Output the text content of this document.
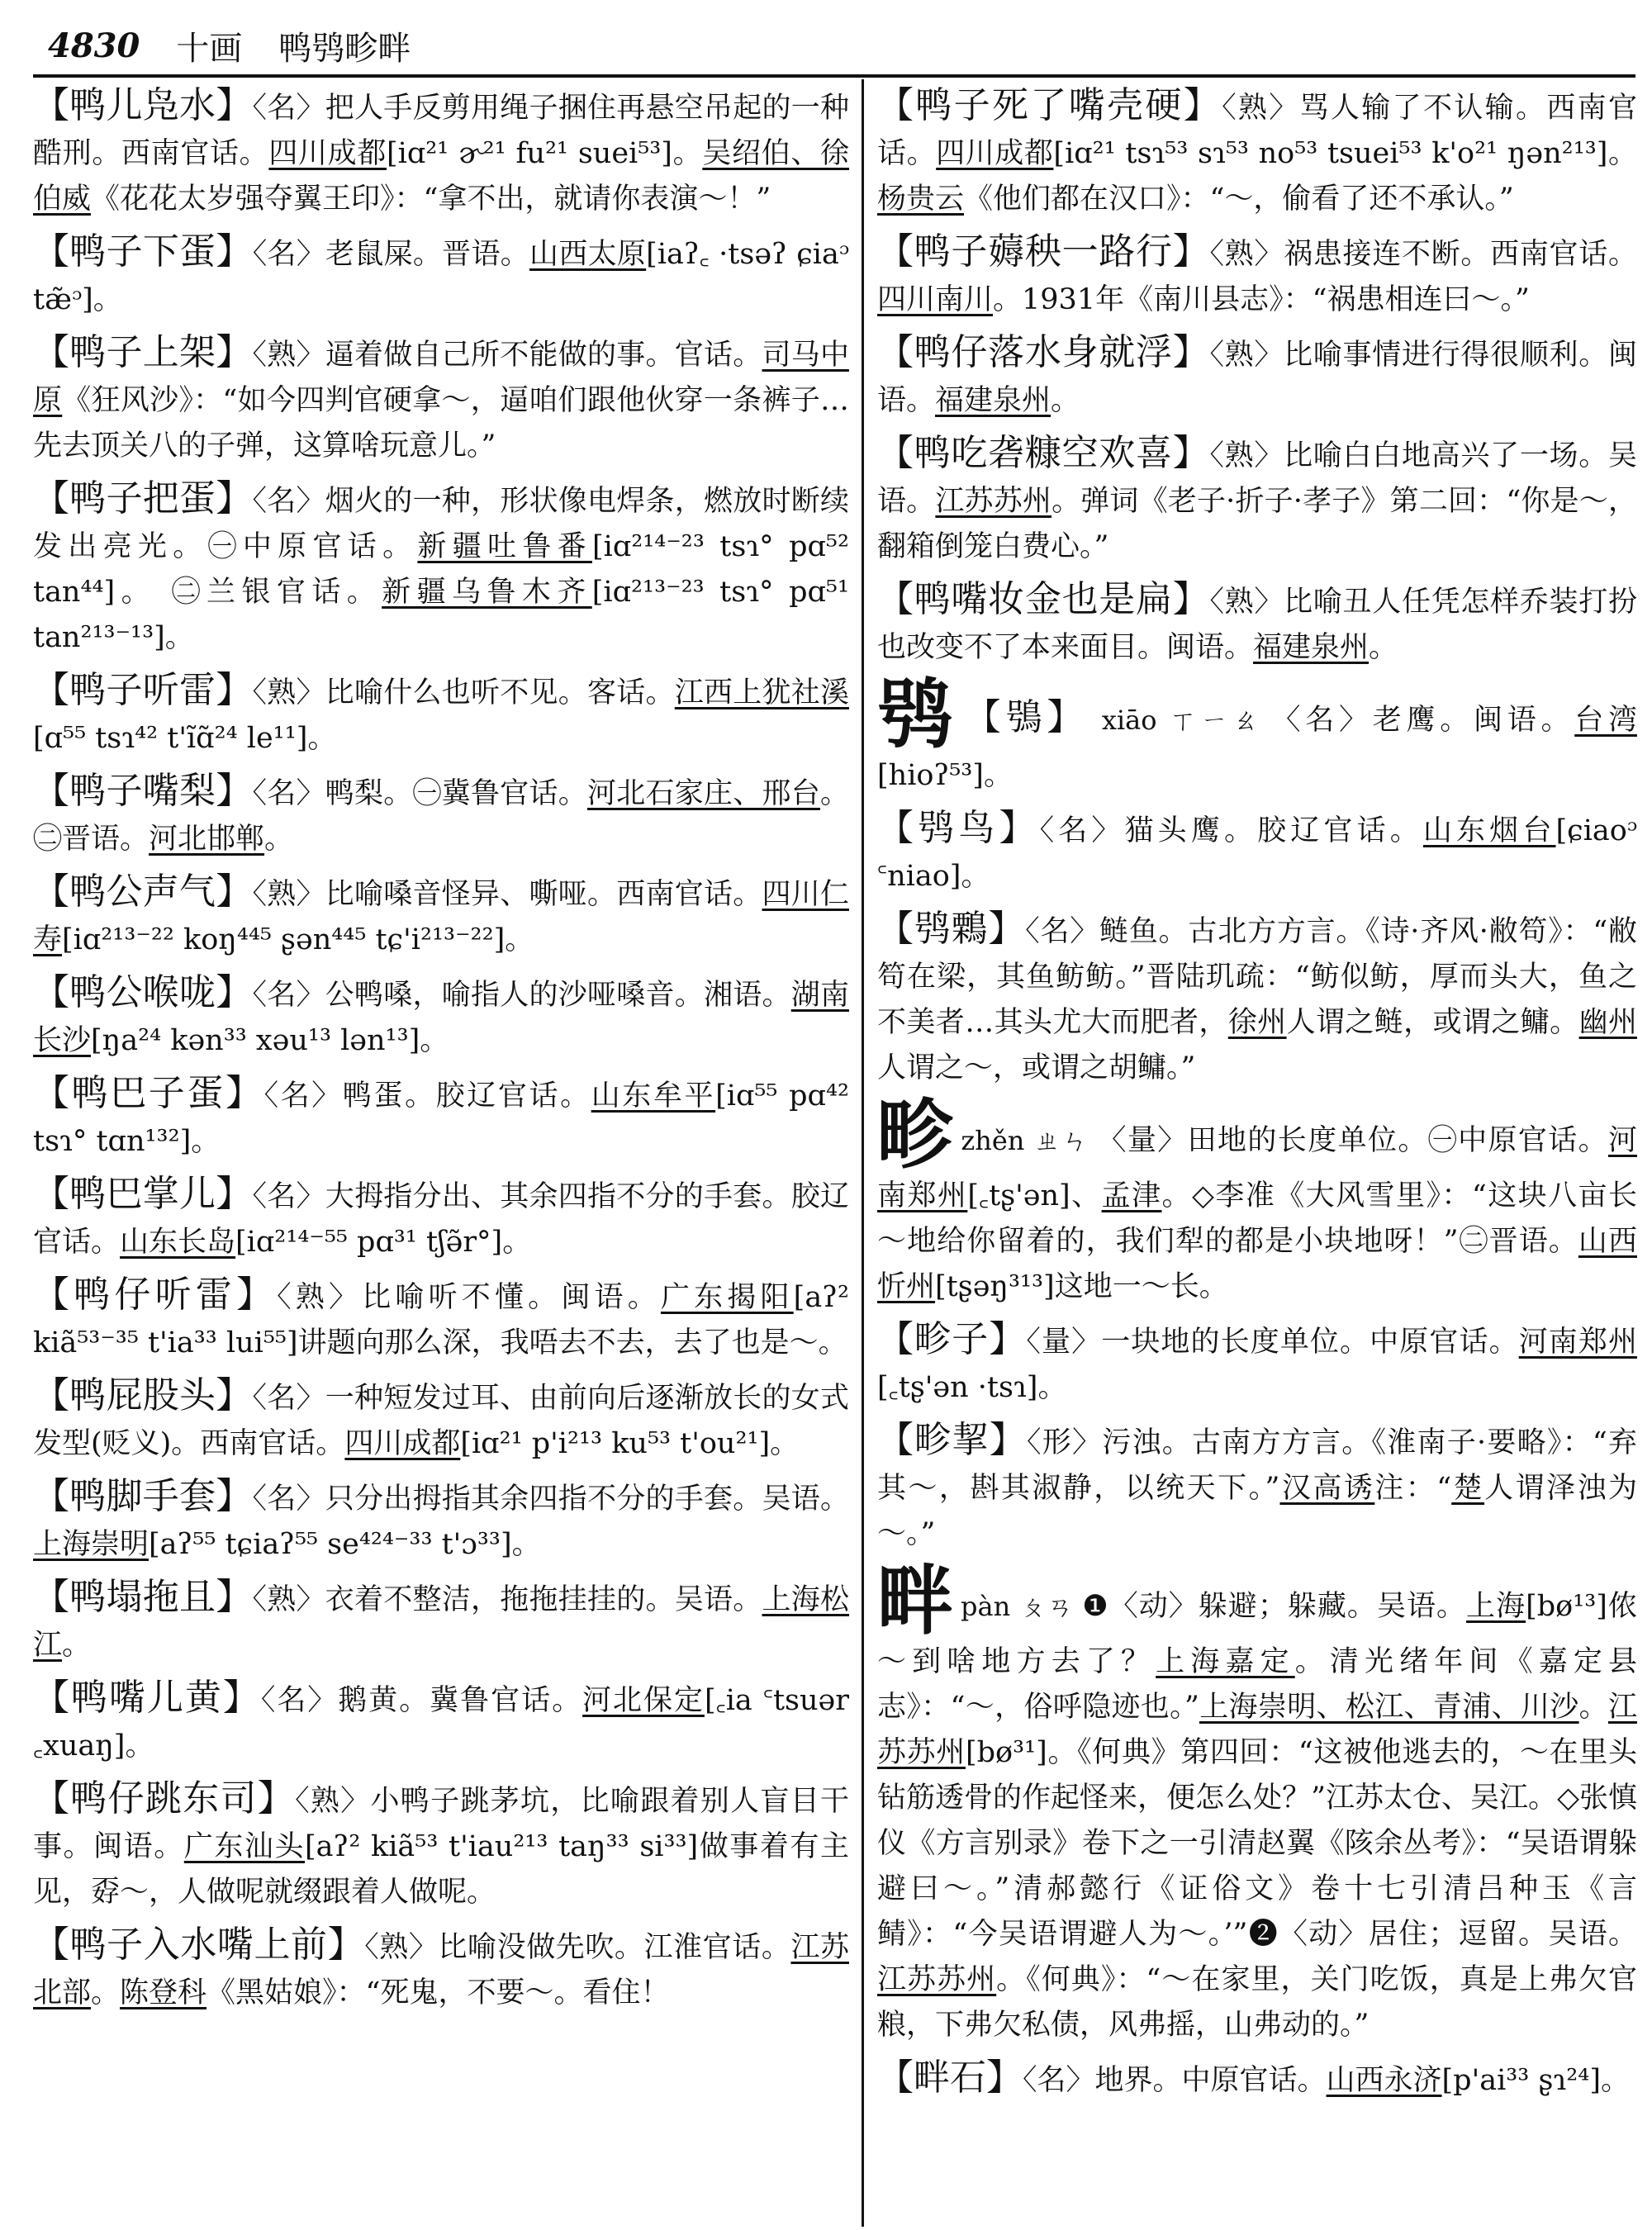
4830 十画 鸭鸮畛畔
【鸭儿凫水】〈名〉把人手反剪用绳子捆住再悬空吊起的一种酷刑。西南官话。四川成都[iɑ²¹ ɚ²¹ fu²¹ suei⁵³]。吴绍伯、徐伯威《花花太岁强夺翼王印》：“拿不出，就请你表演～！”
【鸭子下蛋】〈名〉老鼠屎。晋语。山西太原[iaʔ꜀ ·tsəʔ ɕiaᵓ tæ̃ᵓ]。
【鸭子上架】〈熟〉逼着做自己所不能做的事。官话。司马中原《狂风沙》：“如今四判官硬拿～，逼咱们跟他伙穿一条裤子…先去顶关八的子弹，这算啥玩意儿。”
【鸭子把蛋】〈名〉烟火的一种，形状像电焊条，燃放时断续发出亮光。㊀中原官话。新疆吐鲁番[iɑ²¹⁴⁻²³ tsɿ° pɑ⁵² tan⁴⁴]。 ㊁兰银官话。新疆乌鲁木齐[iɑ²¹³⁻²³ tsɿ° pɑ⁵¹ tan²¹³⁻¹³]。
【鸭子听雷】〈熟〉比喻什么也听不见。客话。江西上犹社溪[ɑ⁵⁵ tsɿ⁴² t'ĩɑ̃²⁴ le¹¹]。
【鸭子嘴梨】〈名〉鸭梨。㊀冀鲁官话。河北石家庄、邢台。㊁晋语。河北邯郸。
【鸭公声气】〈熟〉比喻嗓音怪异、嘶哑。西南官话。四川仁寿[iɑ²¹³⁻²² koŋ⁴⁴⁵ ʂən⁴⁴⁵ tɕ'i²¹³⁻²²]。
【鸭公喉咙】〈名〉公鸭嗓，喻指人的沙哑嗓音。湘语。湖南长沙[ŋa²⁴ kən³³ xəu¹³ lən¹³]。
【鸭巴子蛋】〈名〉鸭蛋。胶辽官话。山东牟平[iɑ⁵⁵ pɑ⁴² tsɿ° tɑn¹³²]。
【鸭巴掌儿】〈名〉大拇指分出、其余四指不分的手套。胶辽官话。山东长岛[iɑ²¹⁴⁻⁵⁵ pɑ³¹ tʃə̃r°]。
【鸭仔听雷】〈熟〉比喻听不懂。闽语。广东揭阳[aʔ² kiã⁵³⁻³⁵ t'ia³³ lui⁵⁵]讲题向那么深，我唔去不去，去了也是～。
【鸭屁股头】〈名〉一种短发过耳、由前向后逐渐放长的女式发型(贬义)。西南官话。四川成都[iɑ²¹ p'i²¹³ ku⁵³ t'ou²¹]。
【鸭脚手套】〈名〉只分出拇指其余四指不分的手套。吴语。上海崇明[aʔ⁵⁵ tɕiaʔ⁵⁵ se⁴²⁴⁻³³ t'ɔ³³]。
【鸭塌拖且】〈熟〉衣着不整洁，拖拖挂挂的。吴语。上海松江。
【鸭嘴儿黄】〈名〉鹅黄。冀鲁官话。河北保定[꜀ia ꜂tsuər ꜀xuaŋ]。
【鸭仔跳东司】〈熟〉小鸭子跳茅坑，比喻跟着别人盲目干事。闽语。广东汕头[aʔ² kiã⁵³ t'iau²¹³ taŋ³³ si³³]做事着有主见，孬～，人做呢就缀跟着人做呢。
【鸭子入水嘴上前】〈熟〉比喻没做先吹。江淮官话。江苏北部。陈登科《黑姑娘》：“死鬼，不要～。看住！
【鸭子死了嘴壳硬】〈熟〉骂人输了不认输。西南官话。四川成都[iɑ²¹ tsɿ⁵³ sɿ⁵³ no⁵³ tsuei⁵³ k'o²¹ ŋən²¹³]。杨贵云《他们都在汉口》：“～，偷看了还不承认。”
【鸭子薅秧一路行】〈熟〉祸患接连不断。西南官话。四川南川。1931年《南川县志》：“祸患相连曰～。”
【鸭仔落水身就浮】〈熟〉比喻事情进行得很顺利。闽语。福建泉州。
【鸭吃砻糠空欢喜】〈熟〉比喻白白地高兴了一场。吴语。江苏苏州。弹词《老子·折子·孝子》第二回：“你是～，翻箱倒笼白费心。”
【鸭嘴妆金也是扁】〈熟〉比喻丑人任凭怎样乔装打扮也改变不了本来面目。闽语。福建泉州。
鸮 【鴞】 xiāo ㄒㄧㄠ 〈名〉老鹰。闽语。台湾[hioʔ⁵³]。
【鸮鸟】〈名〉猫头鹰。胶辽官话。山东烟台[ɕiaoᵓ ꜂niao]。
【鸮鷅】〈名〉鲢鱼。古北方方言。《诗·齐风·敝笱》：“敝笱在梁，其鱼鲂鲂。”晋陆玑疏：“鲂似鲂，厚而头大，鱼之不美者…其头尤大而肥者，徐州人谓之鲢，或谓之鳙。幽州人谓之～，或谓之胡鳙。”
畛zhěn ㄓㄣ 〈量〉田地的长度单位。㊀中原官话。河南郑州[꜀tʂ'ən]、孟津。◇李准《大风雪里》：“这块八亩长～地给你留着的，我们犁的都是小块地呀！”㊁晋语。山西忻州[tʂəŋ³¹³]这地一～长。
【畛子】〈量〉一块地的长度单位。中原官话。河南郑州[꜀tʂ'ən ·tsɿ]。
【畛挈】〈形〉污浊。古南方方言。《淮南子·要略》：“弃其～，斟其淑静，以统天下。”汉高诱注：“楚人谓泽浊为～。”
畔pàn ㄆㄢ ❶〈动〉躲避；躲藏。吴语。上海[bø¹³]侬～到啥地方去了？上海嘉定。清光绪年间《嘉定县志》：“～，俗呼隐迹也。”上海崇明、松江、青浦、川沙。江苏苏州[bø³¹]。《何典》第四回：“这被他逃去的，～在里头钻筋透骨的作起怪来，便怎么处？”江苏太仓、吴江。◇张慎仪《方言别录》卷下之一引清赵翼《陔余丛考》：“吴语谓躲避曰～。”清郝懿行《证俗文》卷十七引清吕种玉《言鲭》：“今吴语谓避人为～。’”❷〈动〉居住；逗留。吴语。江苏苏州。《何典》：“～在家里，关门吃饭，真是上弗欠官粮，下弗欠私债，风弗摇，山弗动的。”
【畔石】〈名〉地界。中原官话。山西永济[p'ai³³ ʂɿ²⁴]。
